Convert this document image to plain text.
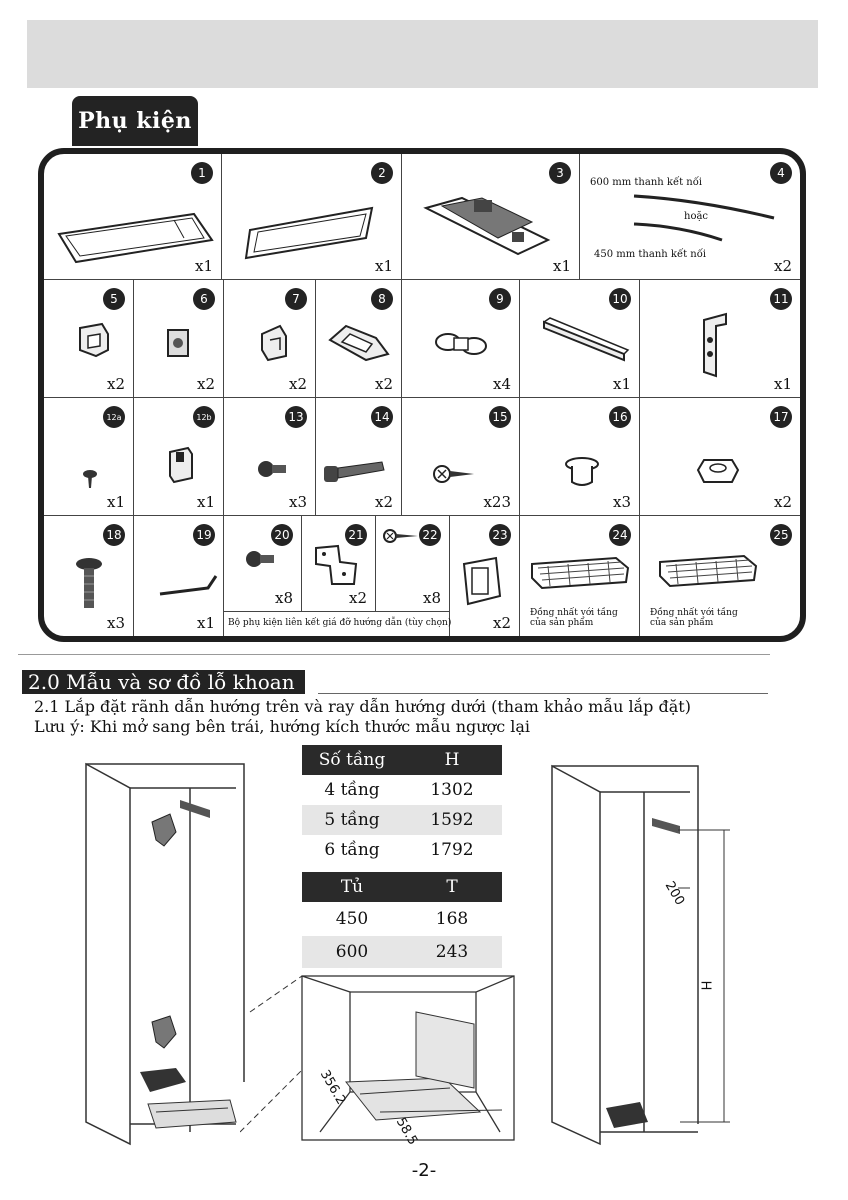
Phụ kiện
1
x1
2
x1
3
x1
4
600 mm thanh kết nối
hoặc
450 mm thanh kết nối
x2
5
x2
6
x2
7
x2
8
x2
9
x4
10
x1
11
x1
12a
x1
12b
x1
13
x3
14
x2
15
x23
16
x3
17
x2
18
x3
19
x1
20
x8
21
x2
22
x8
Bộ phụ kiện liên kết giá đỡ hướng dẫn (tùy chọn)
23
x2
24
Đồng nhất với tầng
của sản phẩm
25
Đồng nhất với tầng
của sản phẩm
2.0 Mẫu và sơ đồ lỗ khoan
2.1 Lắp đặt rãnh dẫn hướng trên và ray dẫn hướng dưới (tham khảo mẫu lắp đặt)
Lưu ý: Khi mở sang bên trái, hướng kích thước mẫu ngược lại
Số tầng	H
4 tầng	1302
5 tầng	1592
6 tầng	1792
Tủ	T
450	168
600	243
356.2
58.5
200
H
-2-
